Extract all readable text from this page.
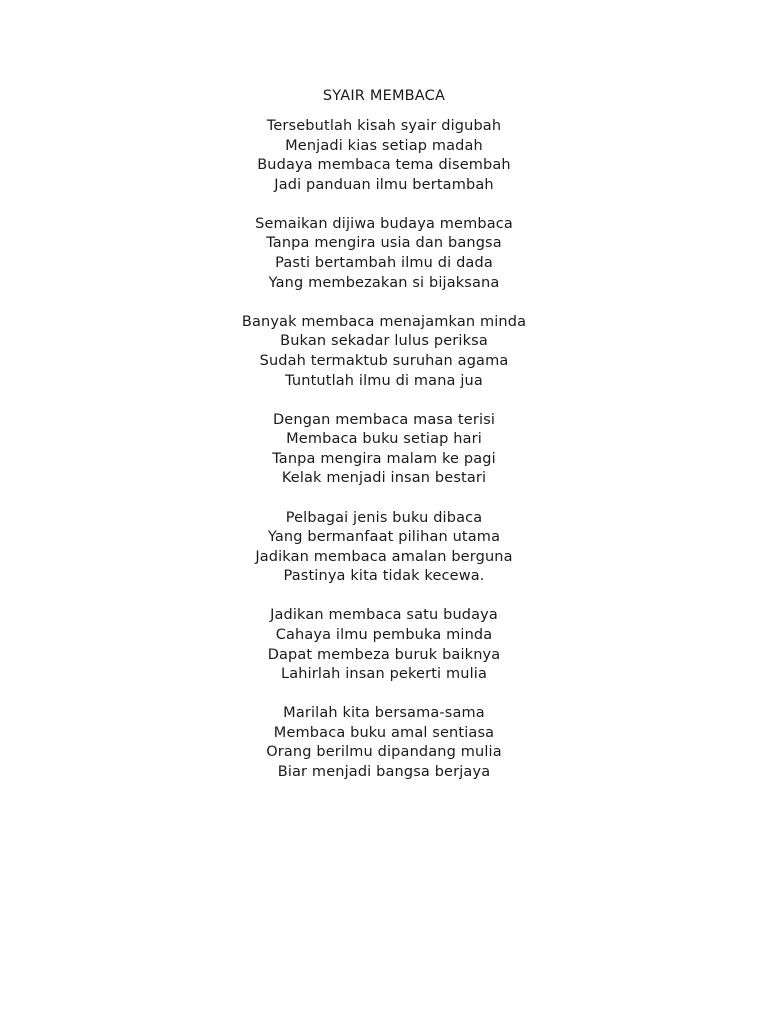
SYAIR MEMBACA
Tersebutlah kisah syair digubah
Menjadi kias setiap madah
Budaya membaca tema disembah
Jadi panduan ilmu bertambah
Semaikan dijiwa budaya membaca
Tanpa mengira usia dan bangsa
Pasti bertambah ilmu di dada
Yang membezakan si bijaksana
Banyak membaca menajamkan minda
Bukan sekadar lulus periksa
Sudah termaktub suruhan agama
Tuntutlah ilmu di mana jua
Dengan membaca masa terisi
Membaca buku setiap hari
Tanpa mengira malam ke pagi
Kelak menjadi insan bestari
Pelbagai jenis buku dibaca
Yang bermanfaat pilihan utama
Jadikan membaca amalan berguna
Pastinya kita tidak kecewa.
Jadikan membaca satu budaya
Cahaya ilmu pembuka minda
Dapat membeza buruk baiknya
Lahirlah insan pekerti mulia
Marilah kita bersama-sama
Membaca buku amal sentiasa
Orang berilmu dipandang mulia
Biar menjadi bangsa berjaya
